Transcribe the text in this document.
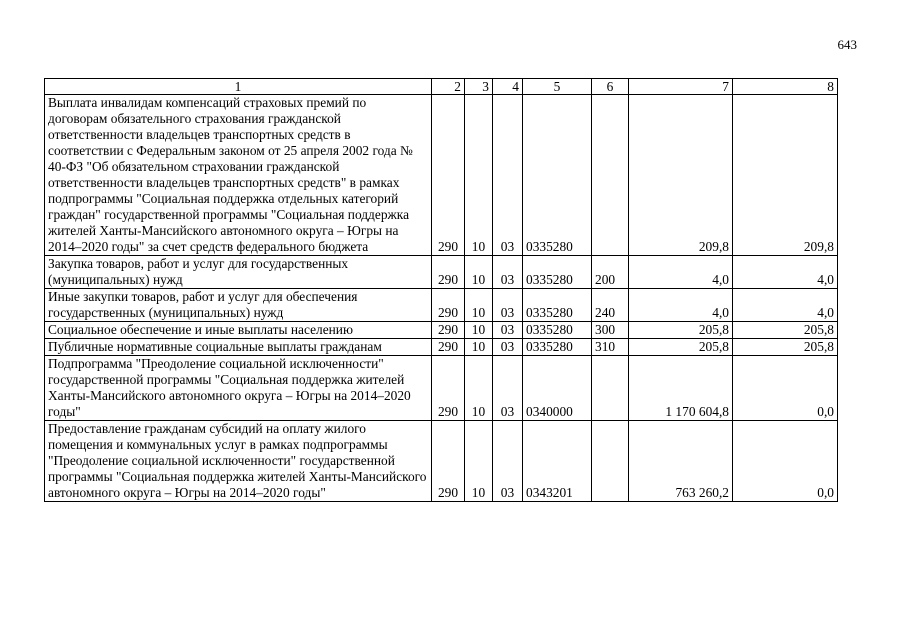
643
1	2	3	4	5	6	7	8
Выплата инвалидам компенсаций страховых премий по договорам обязательного страхования гражданской ответственности владельцев транспортных средств в соответствии с Федеральным законом от 25 апреля 2002 года № 40-ФЗ "Об обязательном страховании гражданской ответственности владельцев транспортных средств" в рамках подпрограммы "Социальная поддержка отдельных категорий граждан" государственной программы "Социальная поддержка жителей Ханты-Мансийского автономного округа – Югры на 2014–2020 годы" за счет средств федерального бюджета	290	10	03	0335280		209,8	209,8
Закупка товаров, работ и услуг для государственных (муниципальных) нужд	290	10	03	0335280	200	4,0	4,0
Иные закупки товаров, работ и услуг для обеспечения государственных (муниципальных) нужд	290	10	03	0335280	240	4,0	4,0
Социальное обеспечение и иные выплаты населению	290	10	03	0335280	300	205,8	205,8
Публичные нормативные социальные выплаты гражданам	290	10	03	0335280	310	205,8	205,8
Подпрограмма "Преодоление социальной исключенности" государственной программы "Социальная поддержка жителей Ханты-Мансийского автономного округа – Югры на 2014–2020 годы"	290	10	03	0340000		1 170 604,8	0,0
Предоставление гражданам субсидий на оплату жилого помещения и коммунальных услуг в рамках подпрограммы "Преодоление социальной исключенности" государственной программы "Социальная поддержка жителей Ханты-Мансийского автономного округа – Югры на 2014–2020 годы"	290	10	03	0343201		763 260,2	0,0
